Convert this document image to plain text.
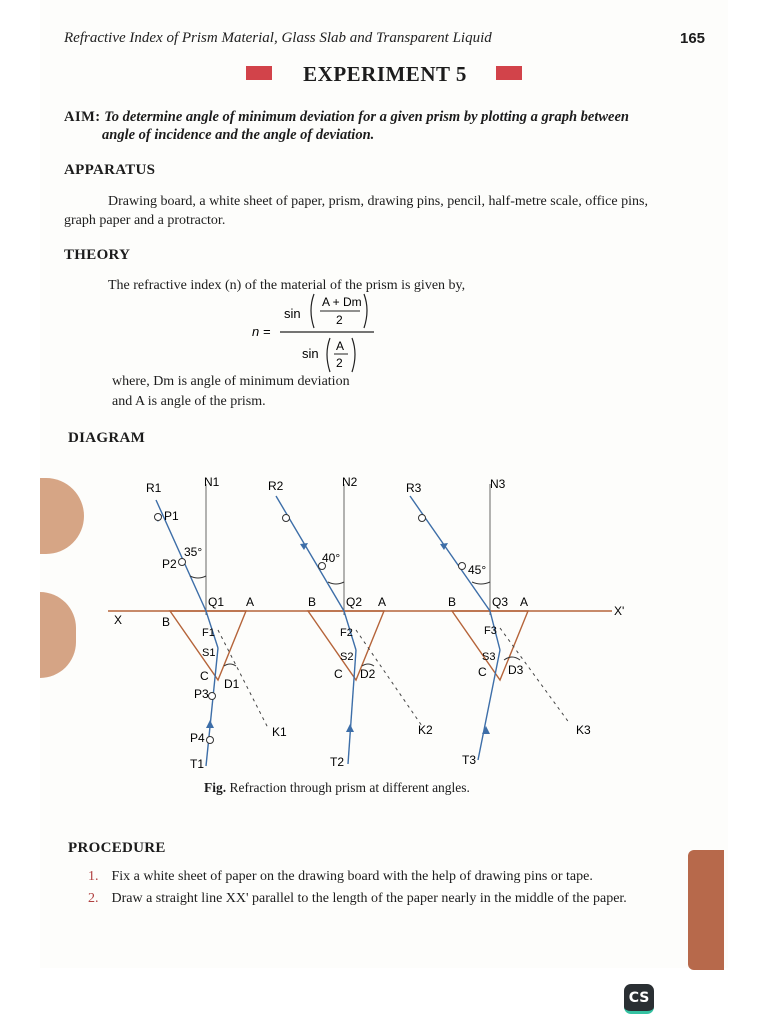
Refractive Index of Prism Material, Glass Slab and Transparent Liquid	165
EXPERIMENT 5
AIM: To determine angle of minimum deviation for a given prism by plotting a graph between
angle of incidence and the angle of deviation.
APPARATUS
Drawing board, a white sheet of paper, prism, drawing pins, pencil, half-metre scale, office pins,
graph paper and a protractor.
THEORY
The refractive index (n) of the material of the prism is given by,
n =
sin
A + Dm
2
sin A
2
where, Dm is angle of minimum deviation
and A is angle of the prism.
DIAGRAM
R1	N1	R2	N2	R3	N3
P1
P2
35°	40°
45°
Q1 A	B Q2 A	B	Q3 A
X	B
X'
F1	F2	F3
S1	S2	S3
C	C	C
D1
D2	D3
P3
P4	K1	K2	K3
T1	T2	T3
Fig. Refraction through prism at different angles.
PROCEDURE
1. Fix a white sheet of paper on the drawing board with the help of drawing pins or tape.
2. Draw a straight line XX' parallel to the length of the paper nearly in the middle of the paper.
CS
